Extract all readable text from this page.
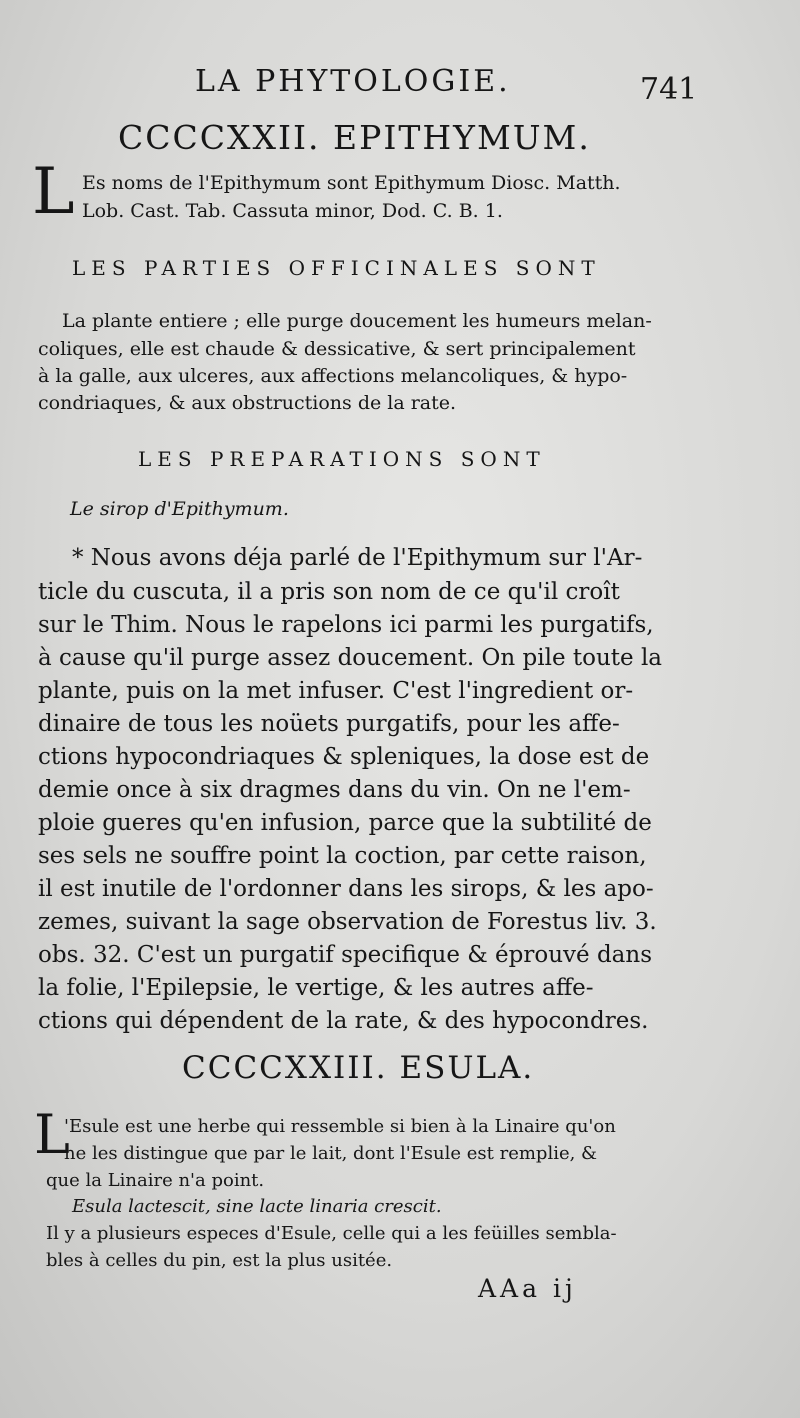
LA PHYTOLOGIE.	741
CCCCXXII. EPITHYMUM.
L Es noms de l'Epithymum sont Epithymum Diosc. Matth.
Lob. Cast. Tab. Cassuta minor, Dod. C. B. 1.
LES PARTIES OFFICINALES SONT
La plante entiere ; elle purge doucement les humeurs melan-
coliques, elle est chaude & dessicative, & sert principalement
à la galle, aux ulceres, aux affections melancoliques, & hypo-
condriaques, & aux obstructions de la rate.
LES PREPARATIONS SONT
Le sirop d'Epithymum.
* Nous avons déja parlé de l'Epithymum sur l'Ar-
ticle du cuscuta, il a pris son nom de ce qu'il croît
sur le Thim. Nous le rapelons ici parmi les purgatifs,
à cause qu'il purge assez doucement. On pile toute la
plante, puis on la met infuser. C'est l'ingredient or-
dinaire de tous les noüets purgatifs, pour les affe-
ctions hypocondriaques & spleniques, la dose est de
demie once à six dragmes dans du vin. On ne l'em-
ploie gueres qu'en infusion, parce que la subtilité de
ses sels ne souffre point la coction, par cette raison,
il est inutile de l'ordonner dans les sirops, & les apo-
zemes, suivant la sage observation de Forestus liv. 3.
obs. 32. C'est un purgatif specifique & éprouvé dans
la folie, l'Epilepsie, le vertige, & les autres affe-
ctions qui dépendent de la rate, & des hypocondres.
CCCCXXIII. ESULA.
L
'Esule est une herbe qui ressemble si bien à la Linaire qu'on
ne les distingue que par le lait, dont l'Esule est remplie, &
que la Linaire n'a point.
Esula lactescit, sine lacte linaria crescit.
Il y a plusieurs especes d'Esule, celle qui a les feüilles sembla-
bles à celles du pin, est la plus usitée.
AAa ij
